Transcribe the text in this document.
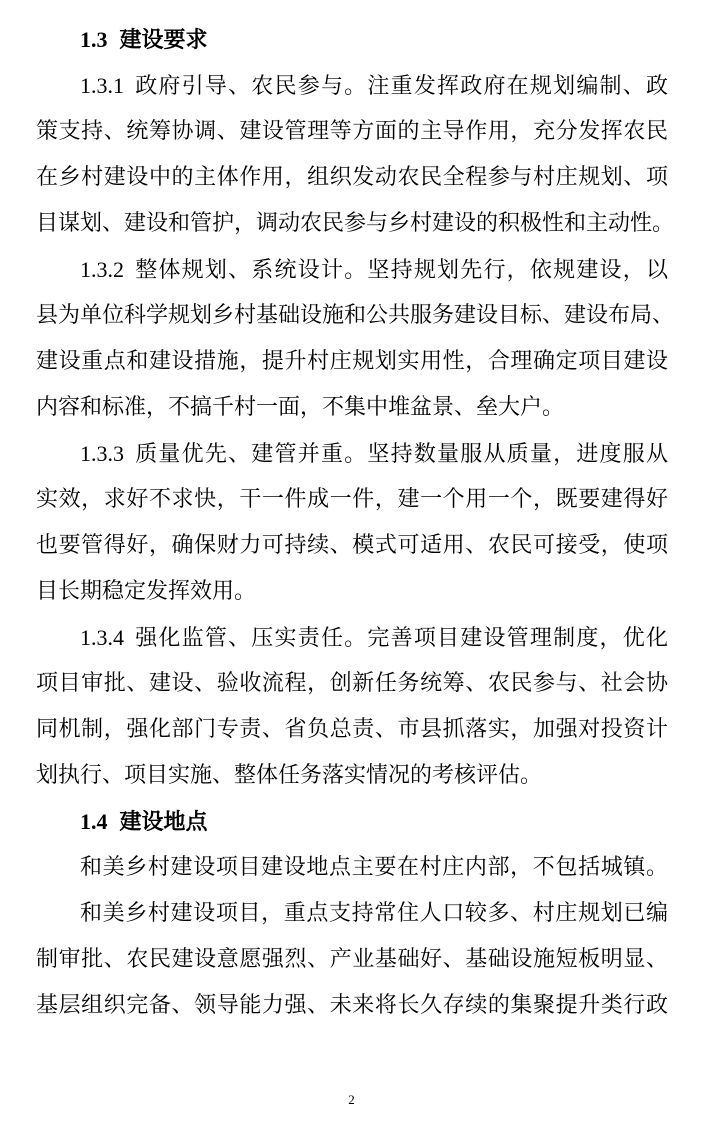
1.3 建设要求
1.3.1 政府引导、农民参与。注重发挥政府在规划编制、政
策支持、统筹协调、建设管理等方面的主导作用，充分发挥农民
在乡村建设中的主体作用，组织发动农民全程参与村庄规划、项
目谋划、建设和管护，调动农民参与乡村建设的积极性和主动性。
1.3.2 整体规划、系统设计。坚持规划先行，依规建设，以
县为单位科学规划乡村基础设施和公共服务建设目标、建设布局、
建设重点和建设措施，提升村庄规划实用性，合理确定项目建设
内容和标准，不搞千村一面，不集中堆盆景、垒大户。
1.3.3 质量优先、建管并重。坚持数量服从质量，进度服从
实效，求好不求快，干一件成一件，建一个用一个，既要建得好
也要管得好，确保财力可持续、模式可适用、农民可接受，使项
目长期稳定发挥效用。
1.3.4 强化监管、压实责任。完善项目建设管理制度，优化
项目审批、建设、验收流程，创新任务统筹、农民参与、社会协
同机制，强化部门专责、省负总责、市县抓落实，加强对投资计
划执行、项目实施、整体任务落实情况的考核评估。
1.4 建设地点
和美乡村建设项目建设地点主要在村庄内部，不包括城镇。
和美乡村建设项目，重点支持常住人口较多、村庄规划已编
制审批、农民建设意愿强烈、产业基础好、基础设施短板明显、
基层组织完备、领导能力强、未来将长久存续的集聚提升类行政
2
